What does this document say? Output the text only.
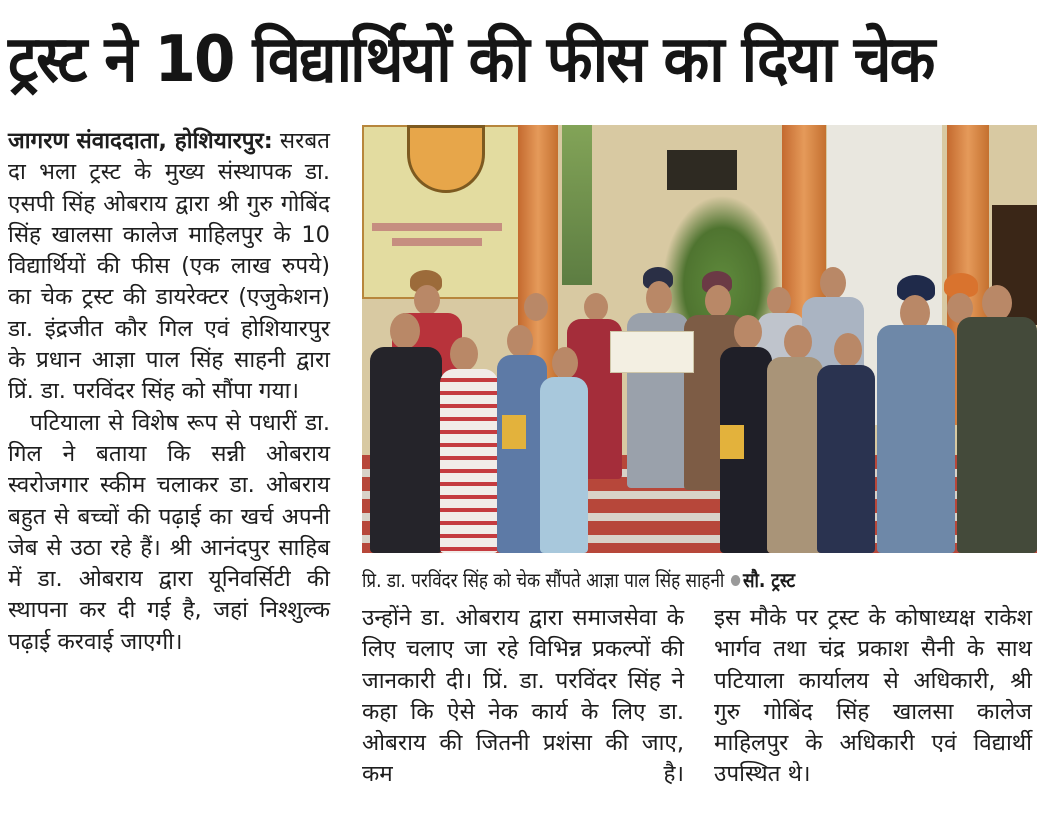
ट्रस्ट ने 10 विद्यार्थियों की फीस का दिया चेक

जागरण संवाददाता, होशियारपुर: सरबत दा भला ट्रस्ट के मुख्य संस्थापक डा. एसपी सिंह ओबराय द्वारा श्री गुरु गोबिंद सिंह खालसा कालेज माहिलपुर के 10 विद्यार्थियों की फीस (एक लाख रुपये) का चेक ट्रस्ट की डायरेक्टर (एजुकेशन) डा. इंद्रजीत कौर गिल एवं होशियारपुर के प्रधान आज्ञा पाल सिंह साहनी द्वारा प्रिं. डा. परविंदर सिंह को सौंपा गया।

पटियाला से विशेष रूप से पधारीं डा. गिल ने बताया कि सन्नी ओबराय स्वरोजगार स्कीम चलाकर डा. ओबराय बहुत से बच्चों की पढ़ाई का खर्च अपनी जेब से उठा रहे हैं। श्री आनंदपुर साहिब में डा. ओबराय द्वारा यूनिवर्सिटी की स्थापना कर दी गई है, जहां निश्शुल्क पढ़ाई करवाई जाएगी।

प्रि. डा. परविंदर सिंह को चेक सौंपते आज्ञा पाल सिंह साहनी सौ. ट्रस्ट

उन्होंने डा. ओबराय द्वारा समाजसेवा के लिए चलाए जा रहे विभिन्न प्रकल्पों की जानकारी दी। प्रिं. डा. परविंदर सिंह ने कहा कि ऐसे नेक कार्य के लिए डा. ओबराय की जितनी प्रशंसा की जाए, कम है।

इस मौके पर ट्रस्ट के कोषाध्यक्ष राकेश भार्गव तथा चंद्र प्रकाश सैनी के साथ पटियाला कार्यालय से अधिकारी, श्री गुरु गोबिंद सिंह खालसा कालेज माहिलपुर के अधिकारी एवं विद्यार्थी उपस्थित थे।
